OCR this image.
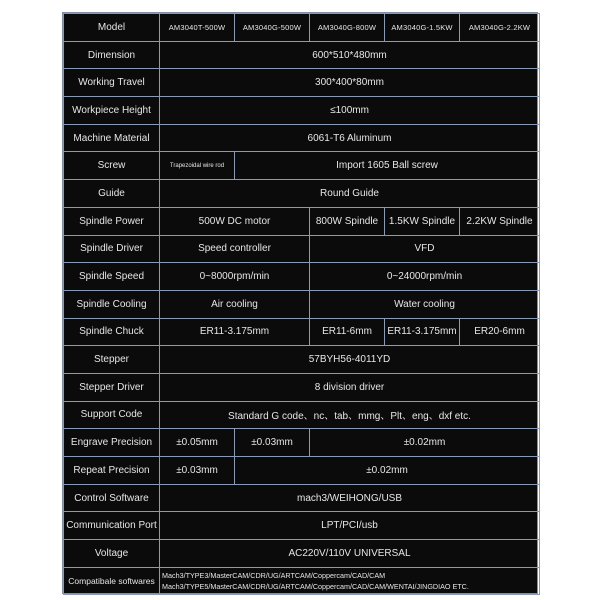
Model	AM3040T-500W	AM3040G-500W	AM3040G-800W	AM3040G-1.5KW	AM3040G-2.2KW
Dimension	600*510*480mm				
Working Travel	300*400*80mm				
Workpiece Height	≤100mm				
Machine Material	6061-T6 Aluminum				
Screw	Trapezoidal wire rod	Import 1605 Ball screw			
Guide	Round Guide				
Spindle Power	500W DC motor		800W Spindle	1.5KW Spindle	2.2KW Spindle
Spindle Driver	Speed controller		VFD		
Spindle Speed	0~8000rpm/min		0~24000rpm/min		
Spindle Cooling	Air cooling		Water cooling		
Spindle Chuck	ER11-3.175mm		ER11-6mm	ER11-3.175mm	ER20-6mm
Stepper	57BYH56-4011YD				
Stepper Driver	8 division driver				
Support Code	Standard G code、nc、tab、mmg、Plt、eng、dxf etc.				
Engrave Precision	±0.05mm	±0.03mm	±0.02mm		
Repeat Precision	±0.03mm	±0.02mm			
Control Software	mach3/WEIHONG/USB				
Communication Port	LPT/PCI/usb				
Voltage	AC220V/110V UNIVERSAL				
Compatibale softwares	Mach3/TYPE3/MasterCAM/CDR/UG/ARTCAM/Coppercam/CAD/CAM
Mach3/TYPE5/MasterCAM/CDR/UG/ARTCAM/Coppercam/CAD/CAM/WENTAI/JINGDIAO ETC.				
